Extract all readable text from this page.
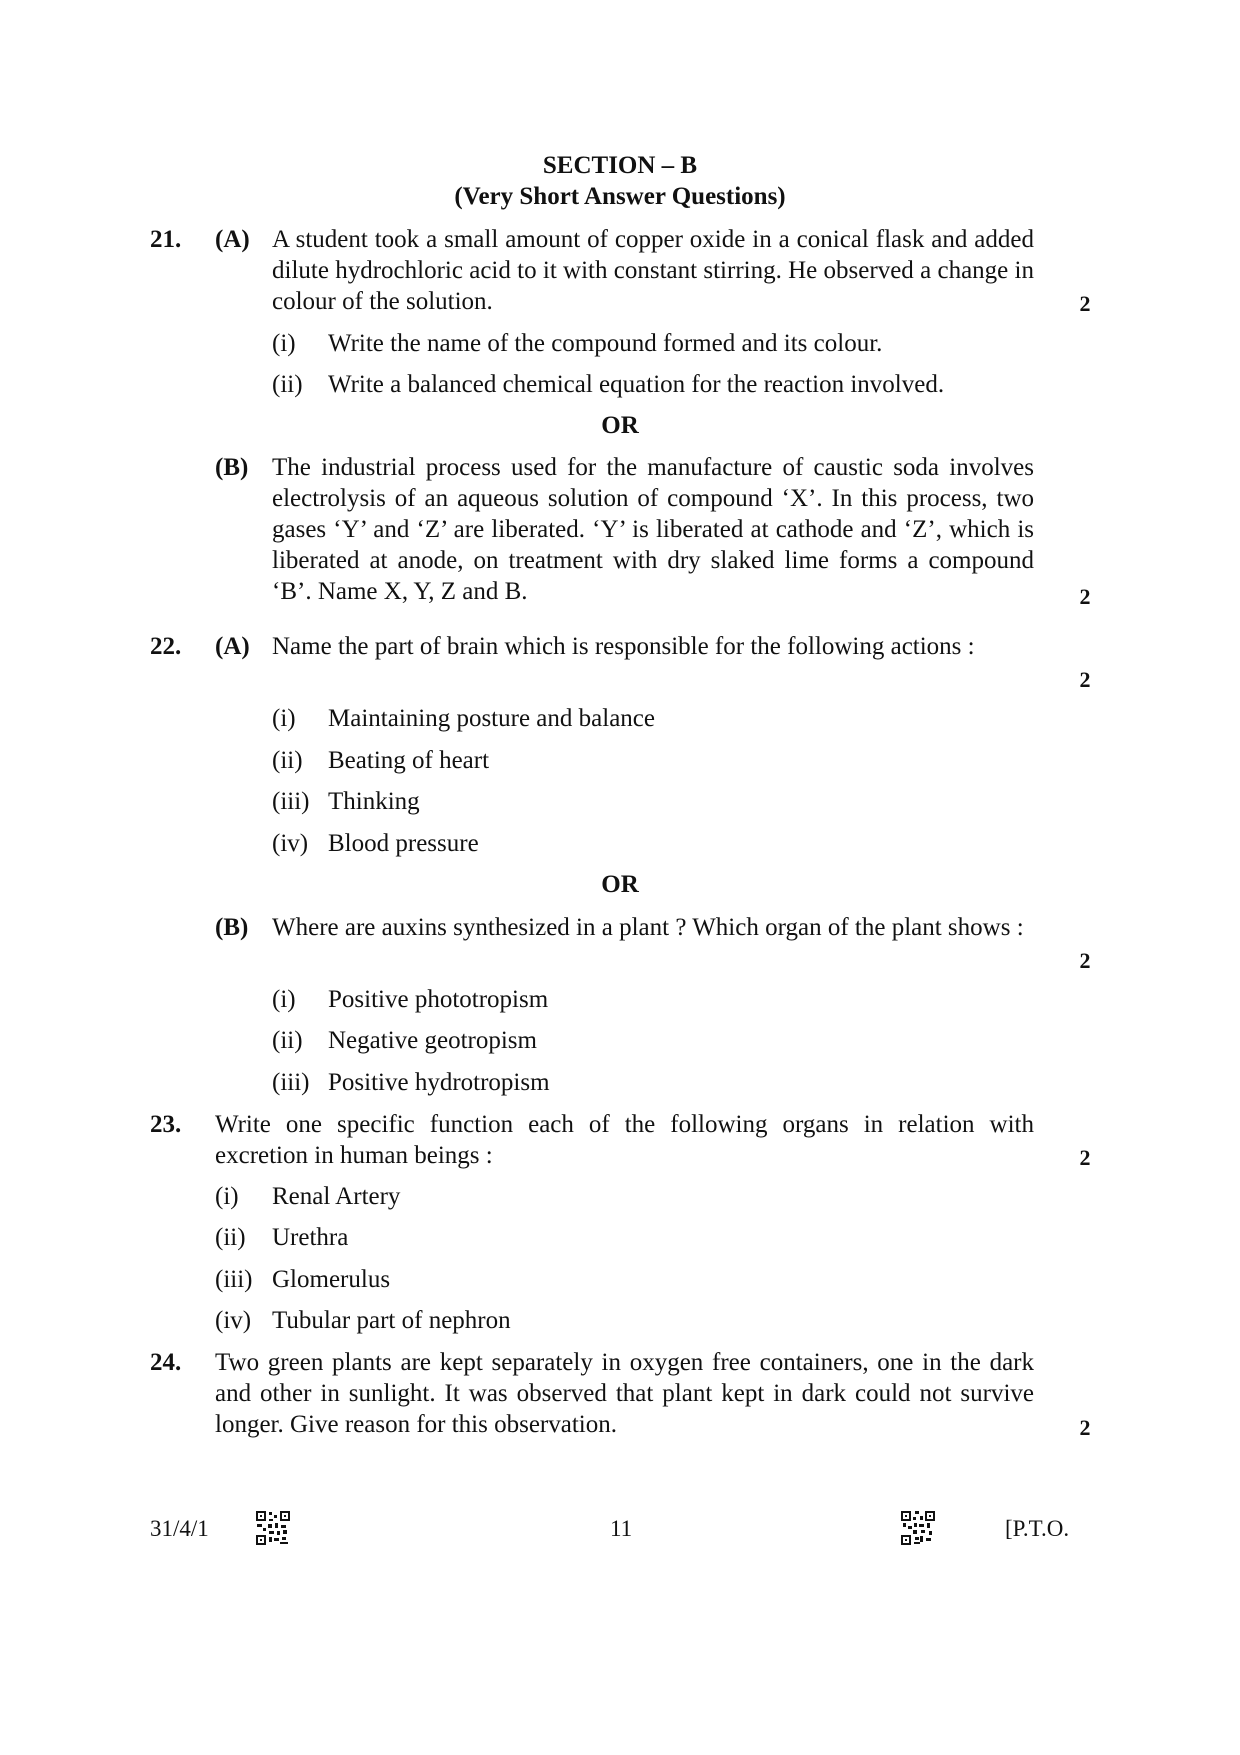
SECTION – B
(Very Short Answer Questions)
21. (A) A student took a small amount of copper oxide in a conical flask and added dilute hydrochloric acid to it with constant stirring. He observed a change in colour of the solution.	2
(i) Write the name of the compound formed and its colour.
(ii) Write a balanced chemical equation for the reaction involved.
OR
(B) The industrial process used for the manufacture of caustic soda involves electrolysis of an aqueous solution of compound ‘X’. In this process, two gases ‘Y’ and ‘Z’ are liberated. ‘Y’ is liberated at cathode and ‘Z’, which is liberated at anode, on treatment with dry slaked lime forms a compound ‘B’. Name X, Y, Z and B.	2
22. (A) Name the part of brain which is responsible for the following actions :
2
(i) Maintaining posture and balance
(ii) Beating of heart
(iii) Thinking
(iv) Blood pressure
OR
(B) Where are auxins synthesized in a plant ? Which organ of the plant shows :
2
(i) Positive phototropism
(ii) Negative geotropism
(iii) Positive hydrotropism
23. Write one specific function each of the following organs in relation with excretion in human beings :	2
(i) Renal Artery
(ii) Urethra
(iii) Glomerulus
(iv) Tubular part of nephron
24. Two green plants are kept separately in oxygen free containers, one in the dark and other in sunlight. It was observed that plant kept in dark could not survive longer. Give reason for this observation.	2
31/4/1	11	[P.T.O.
